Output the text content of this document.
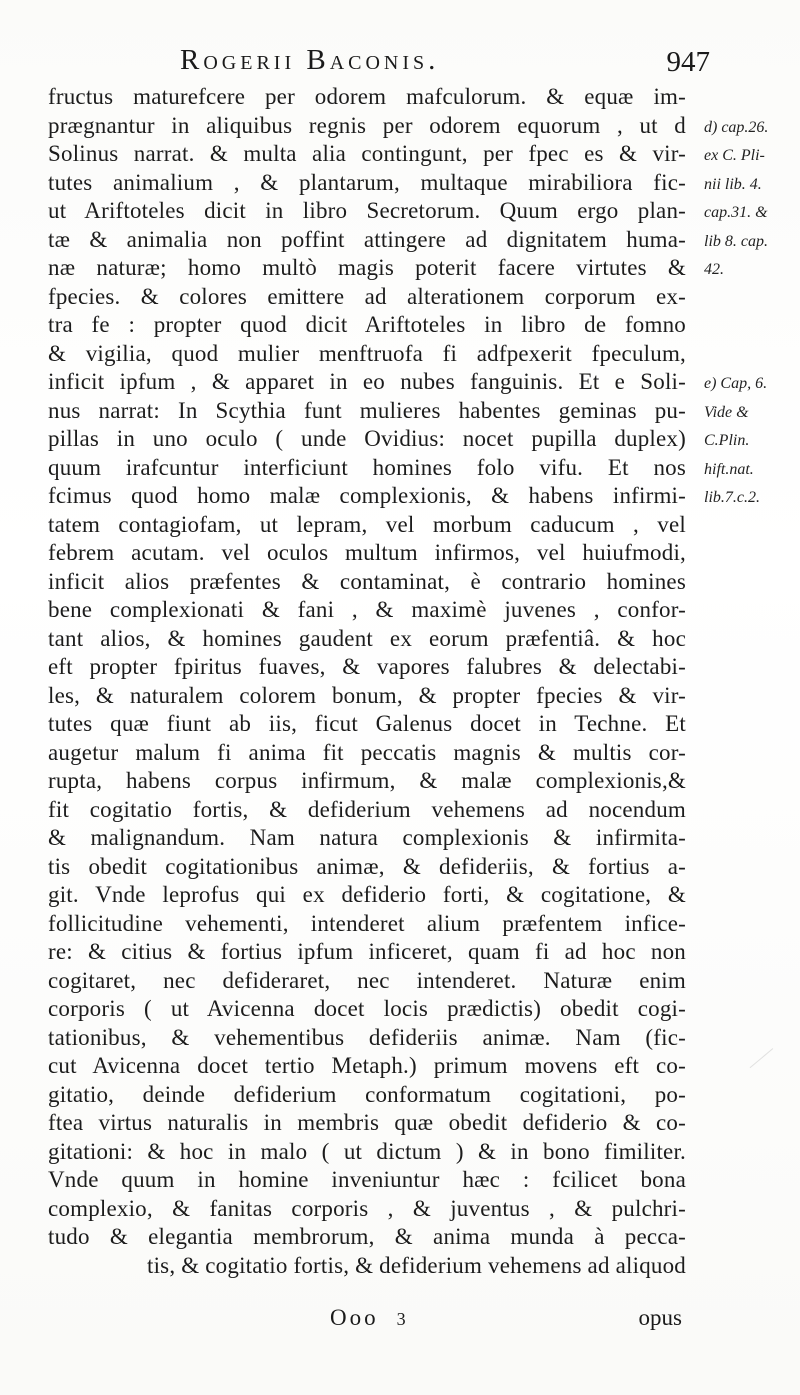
Rogerii Baconis.	947
fructus maturefcere per odorem mafculorum. & equæ im-
prægnantur in aliquibus regnis per odorem equorum , ut d
Solinus narrat. & multa alia contingunt, per fpec es & vir-
tutes animalium , & plantarum, multaque mirabiliora fic-
ut Ariftoteles dicit in libro Secretorum. Quum ergo plan-
tæ & animalia non poffint attingere ad dignitatem huma-
næ naturæ; homo multò magis poterit facere virtutes &
fpecies. & colores emittere ad alterationem corporum ex-
tra fe : propter quod dicit Ariftoteles in libro de fomno
& vigilia, quod mulier menftruofa fi adfpexerit fpeculum,
inficit ipfum , & apparet in eo nubes fanguinis. Et e Soli-
nus narrat: In Scythia funt mulieres habentes geminas pu-
pillas in uno oculo ( unde Ovidius: nocet pupilla duplex)
quum irafcuntur interficiunt homines folo vifu. Et nos
fcimus quod homo malæ complexionis, & habens infirmi-
tatem contagiofam, ut lepram, vel morbum caducum , vel
febrem acutam. vel oculos multum infirmos, vel huiufmodi,
inficit alios præfentes & contaminat, è contrario homines
bene complexionati & fani , & maximè juvenes , confor-
tant alios, & homines gaudent ex eorum præfentiâ. & hoc
eft propter fpiritus fuaves, & vapores falubres & delectabi-
les, & naturalem colorem bonum, & propter fpecies & vir-
tutes quæ fiunt ab iis, ficut Galenus docet in Techne. Et
augetur malum fi anima fit peccatis magnis & multis cor-
rupta, habens corpus infirmum, & malæ complexionis,&
fit cogitatio fortis, & defiderium vehemens ad nocendum
& malignandum. Nam natura complexionis & infirmita-
tis obedit cogitationibus animæ, & defideriis, & fortius a-
git. Vnde leprofus qui ex defiderio forti, & cogitatione, &
follicitudine vehementi, intenderet alium præfentem infice-
re: & citius & fortius ipfum inficeret, quam fi ad hoc non
cogitaret, nec defideraret, nec intenderet. Naturæ enim
corporis ( ut Avicenna docet locis prædictis) obedit cogi-
tationibus, & vehementibus defideriis animæ. Nam (fic-
cut Avicenna docet tertio Metaph.) primum movens eft co-
gitatio, deinde defiderium conformatum cogitationi, po-
ftea virtus naturalis in membris quæ obedit defiderio & co-
gitationi: & hoc in malo ( ut dictum ) & in bono fimiliter.
Vnde quum in homine inveniuntur hæc : fcilicet bona
complexio, & fanitas corporis , & juventus , & pulchri-
tudo & elegantia membrorum, & anima munda à pecca-
tis, & cogitatio fortis, & defiderium vehemens ad aliquod
d) cap.26.
ex C. Pli-
nii lib. 4.
cap.31. &
lib 8. cap.
42.
e) Cap, 6.
Vide &
C.Plin.
hift.nat.
lib.7.c.2.
Ooo 3	opus
